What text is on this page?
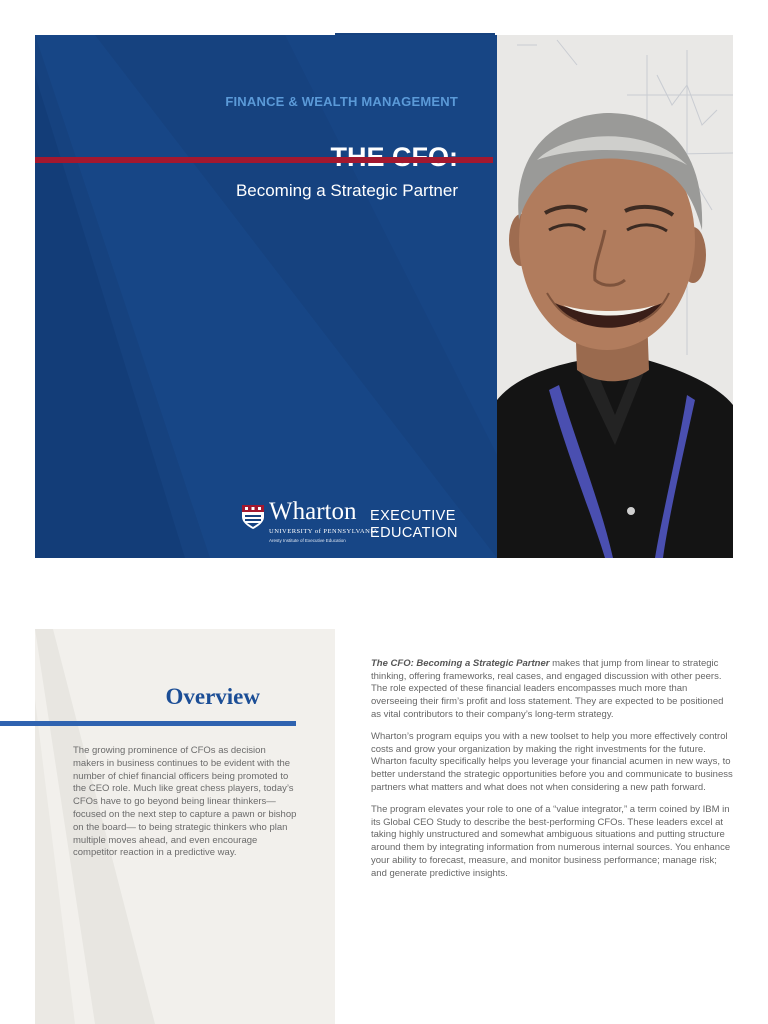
FINANCE & WEALTH MANAGEMENT
Becoming a Strategic Partner
Wharton
UNIVERSITY of PENNSYLVANIA
Aresty Institute of Executive Education
EXECUTIVE
EDUCATION
Overview
The growing prominence of CFOs as decision makers in business continues to be evident with the number of chief financial officers being promoted to the CEO role. Much like great chess players, today’s CFOs have to go beyond being linear thinkers—focused on the next step to capture a pawn or bishop on the board— to being strategic thinkers who plan multiple moves ahead, and even encourage competitor reaction in a predictive way.

The CFO: Becoming a Strategic Partner makes that jump from linear to strategic thinking, offering frameworks, real cases, and engaged discussion with other peers. The role expected of these financial leaders encompasses much more than overseeing their firm’s profit and loss statement. They are expected to be positioned as vital contributors to their company’s long-term strategy.

Wharton’s program equips you with a new toolset to help you more effectively control costs and grow your organization by making the right investments for the future. Wharton faculty specifically helps you leverage your financial acumen in new ways, to better understand the strategic opportunities before you and communicate to business partners what matters and what does not when considering a new path forward.

The program elevates your role to one of a “value integrator,” a term coined by IBM in its Global CEO Study to describe the best-performing CFOs. These leaders excel at taking highly unstructured and somewhat ambiguous situations and putting structure around them by integrating information from numerous internal sources. You enhance your ability to forecast, measure, and monitor business performance; manage risk; and generate predictive insights.
